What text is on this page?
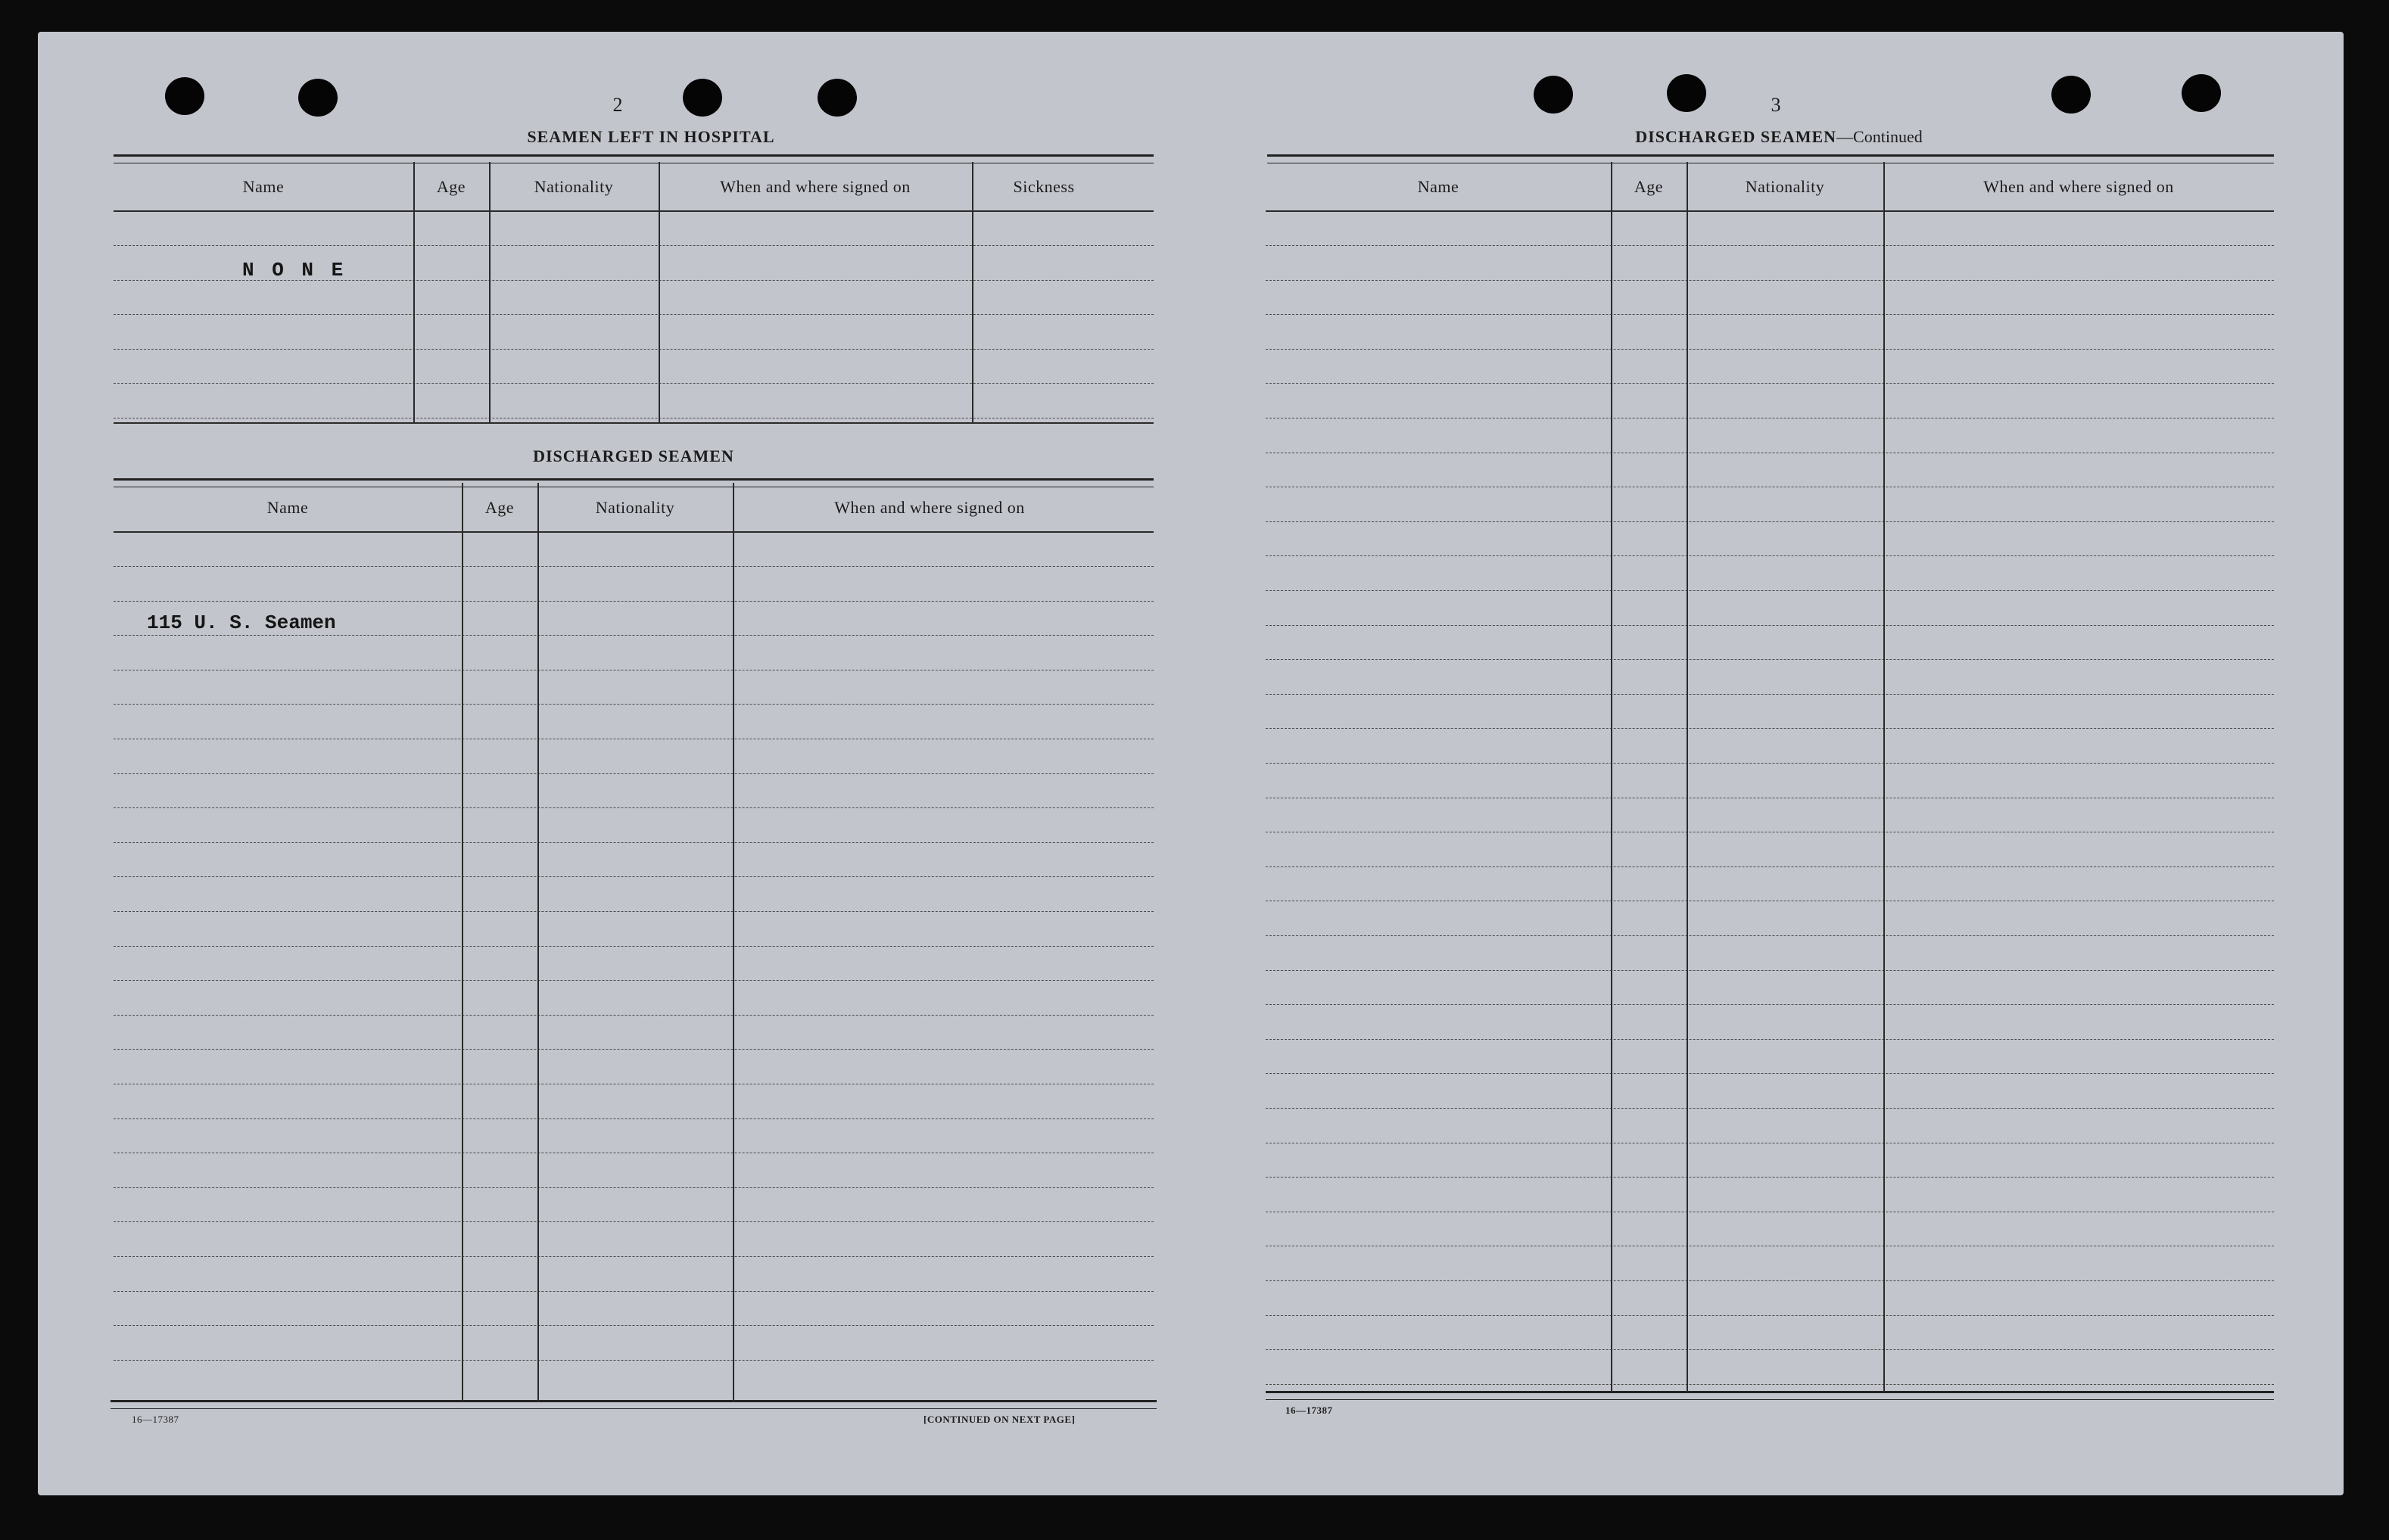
2
SEAMEN LEFT IN HOSPITAL
Name	Age	Nationality	When and where signed on	Sickness
N O N E
DISCHARGED SEAMEN
Name	Age	Nationality	When and where signed on
115 U. S. Seamen
16—17387	[CONTINUED ON NEXT PAGE]
3
DISCHARGED SEAMEN—Continued
Name	Age	Nationality	When and where signed on
16—17387
